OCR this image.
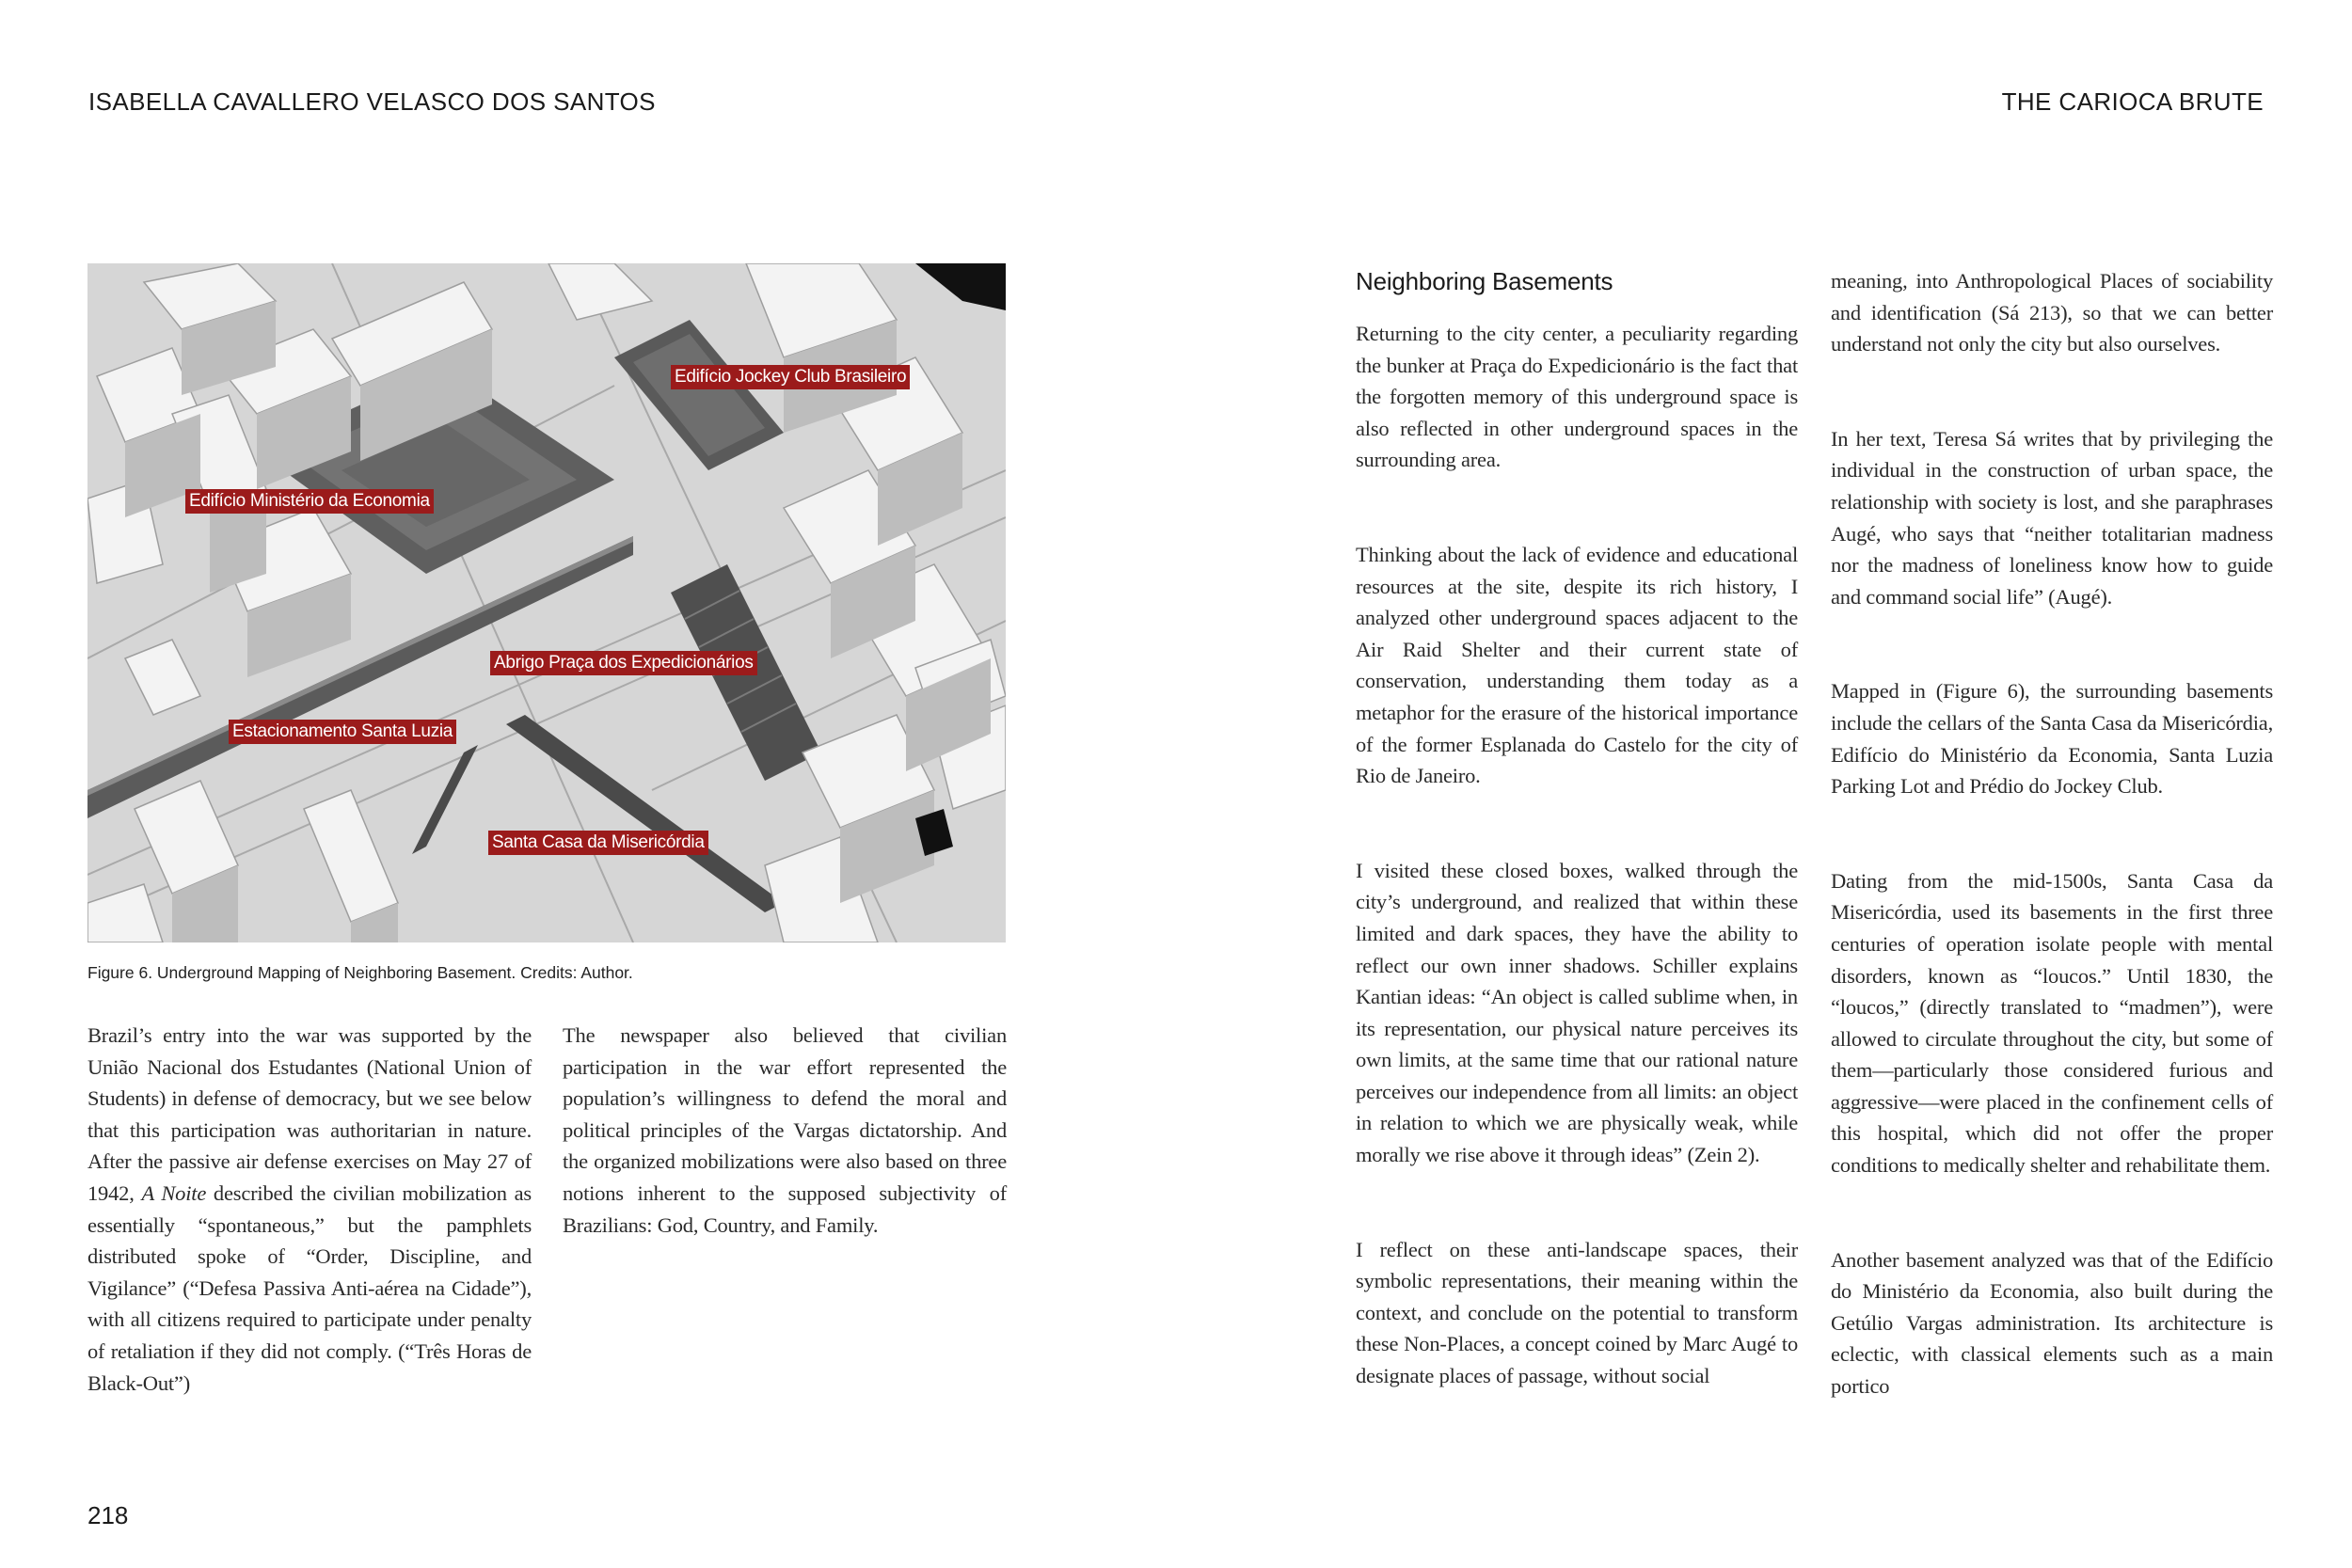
ISABELLA CAVALLERO VELASCO DOS SANTOS	THE CARIOCA BRUTE
Edifício Jockey Club Brasileiro
Edifício Ministério da Economia
Abrigo Praça dos Expedicionários
Estacionamento Santa Luzia
Santa Casa da Misericórdia
Figure 6. Underground Mapping of Neighboring Basement. Credits: Author.

Brazil’s entry into the war was supported by the União Nacional dos Estudantes (National Union of Students) in defense of democracy, but we see below that this participation was authoritarian in nature. After the passive air defense exercises on May 27 of 1942, A Noite described the civilian mobilization as essentially “spontaneous,” but the pamphlets distributed spoke of “Order, Discipline, and Vigilance” (“Defesa Passiva Anti-aérea na Cidade”), with all citizens required to participate under penalty of retaliation if they did not comply. (“Três Horas de Black-Out”)

The newspaper also believed that civilian participation in the war effort represented the population’s willingness to defend the moral and political principles of the Vargas dictatorship. And the organized mobilizations were also based on three notions inherent to the supposed subjectivity of Brazilians: God, Country, and Family.

Neighboring Basements

Returning to the city center, a peculiarity regarding the bunker at Praça do Expedicionário is the fact that the forgotten memory of this underground space is also reflected in other underground spaces in the surrounding area.

Thinking about the lack of evidence and educational resources at the site, despite its rich history, I analyzed other underground spaces adjacent to the Air Raid Shelter and their current state of conservation, understanding them today as a metaphor for the erasure of the historical importance of the former Esplanada do Castelo for the city of Rio de Janeiro.

I visited these closed boxes, walked through the city’s underground, and realized that within these limited and dark spaces, they have the ability to reflect our own inner shadows. Schiller explains Kantian ideas: “An object is called sublime when, in its representation, our physical nature perceives its own limits, at the same time that our rational nature perceives our independence from all limits: an object in relation to which we are physically weak, while morally we rise above it through ideas” (Zein 2).

I reflect on these anti-landscape spaces, their symbolic representations, their meaning within the context, and conclude on the potential to transform these Non-Places, a concept coined by Marc Augé to designate places of passage, without social

meaning, into Anthropological Places of sociability and identification (Sá 213), so that we can better understand not only the city but also ourselves.

In her text, Teresa Sá writes that by privileging the individual in the construction of urban space, the relationship with society is lost, and she paraphrases Augé, who says that “neither totalitarian madness nor the madness of loneliness know how to guide and command social life” (Augé).

Mapped in (Figure 6), the surrounding basements include the cellars of the Santa Casa da Misericórdia, Edifício do Ministério da Economia, Santa Luzia Parking Lot and Prédio do Jockey Club.

Dating from the mid-1500s, Santa Casa da Misericórdia, used its basements in the first three centuries of operation isolate people with mental disorders, known as “loucos.” Until 1830, the “loucos,” (directly translated to “madmen”), were allowed to circulate throughout the city, but some of them—particularly those considered furious and aggressive—were placed in the confinement cells of this hospital, which did not offer the proper conditions to medically shelter and rehabilitate them.

Another basement analyzed was that of the Edifício do Ministério da Economia, also built during the Getúlio Vargas administration. Its architecture is eclectic, with classical elements such as a main portico

218
